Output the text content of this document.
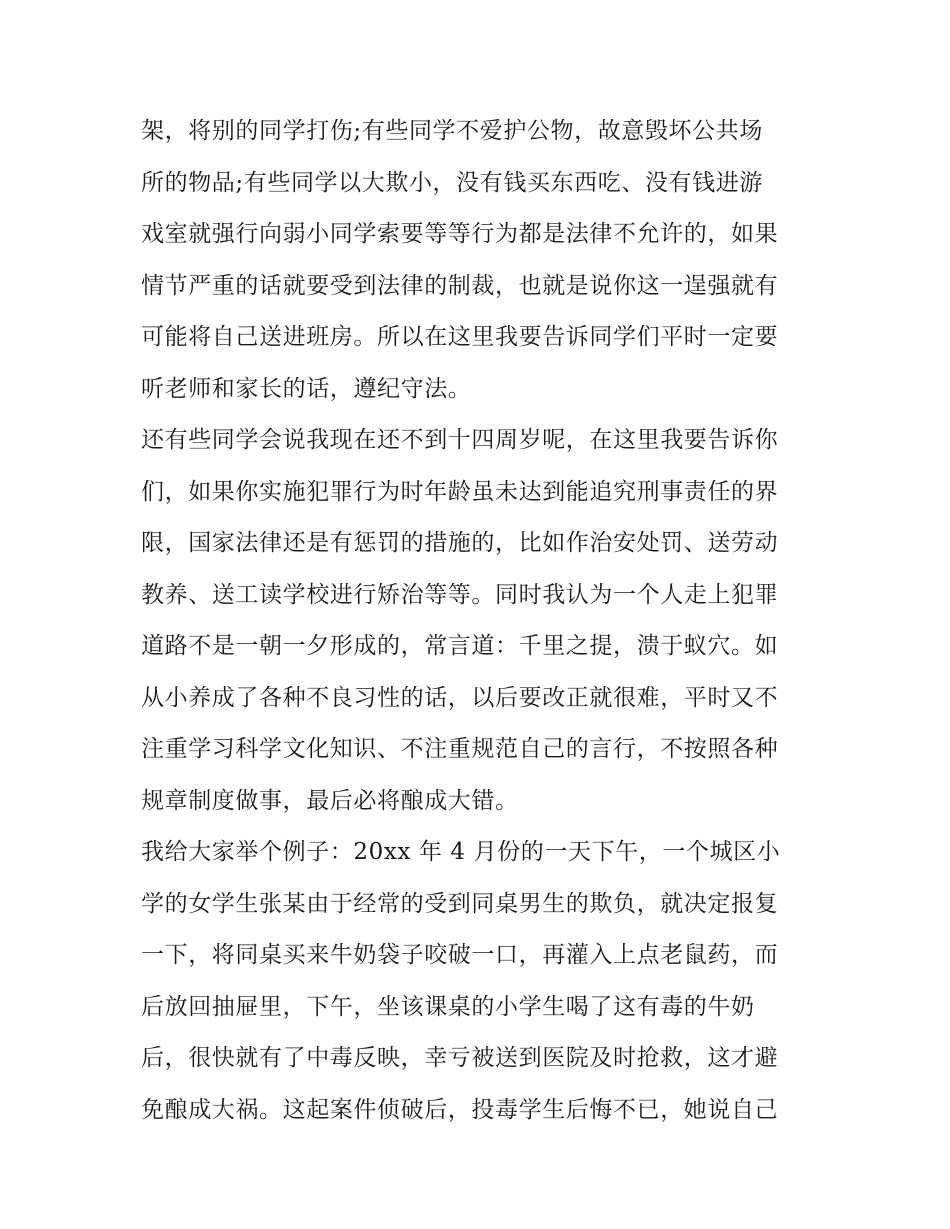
架，将别的同学打伤;有些同学不爱护公物，故意毁坏公共场
所的物品;有些同学以大欺小，没有钱买东西吃、没有钱进游
戏室就强行向弱小同学索要等等行为都是法律不允许的，如果
情节严重的话就要受到法律的制裁，也就是说你这一逞强就有
可能将自己送进班房。所以在这里我要告诉同学们平时一定要
听老师和家长的话，遵纪守法。
还有些同学会说我现在还不到十四周岁呢，在这里我要告诉你
们，如果你实施犯罪行为时年龄虽未达到能追究刑事责任的界
限，国家法律还是有惩罚的措施的，比如作治安处罚、送劳动
教养、送工读学校进行矫治等等。同时我认为一个人走上犯罪
道路不是一朝一夕形成的，常言道：千里之提，溃于蚁穴。如
从小养成了各种不良习性的话，以后要改正就很难，平时又不
注重学习科学文化知识、不注重规范自己的言行，不按照各种
规章制度做事，最后必将酿成大错。
我给大家举个例子：20xx 年 4 月份的一天下午，一个城区小
学的女学生张某由于经常的受到同桌男生的欺负，就决定报复
一下，将同桌买来牛奶袋子咬破一口，再灌入上点老鼠药，而
后放回抽屉里，下午，坐该课桌的小学生喝了这有毒的牛奶
后，很快就有了中毒反映，幸亏被送到医院及时抢救，这才避
免酿成大祸。这起案件侦破后，投毒学生后悔不已，她说自己
